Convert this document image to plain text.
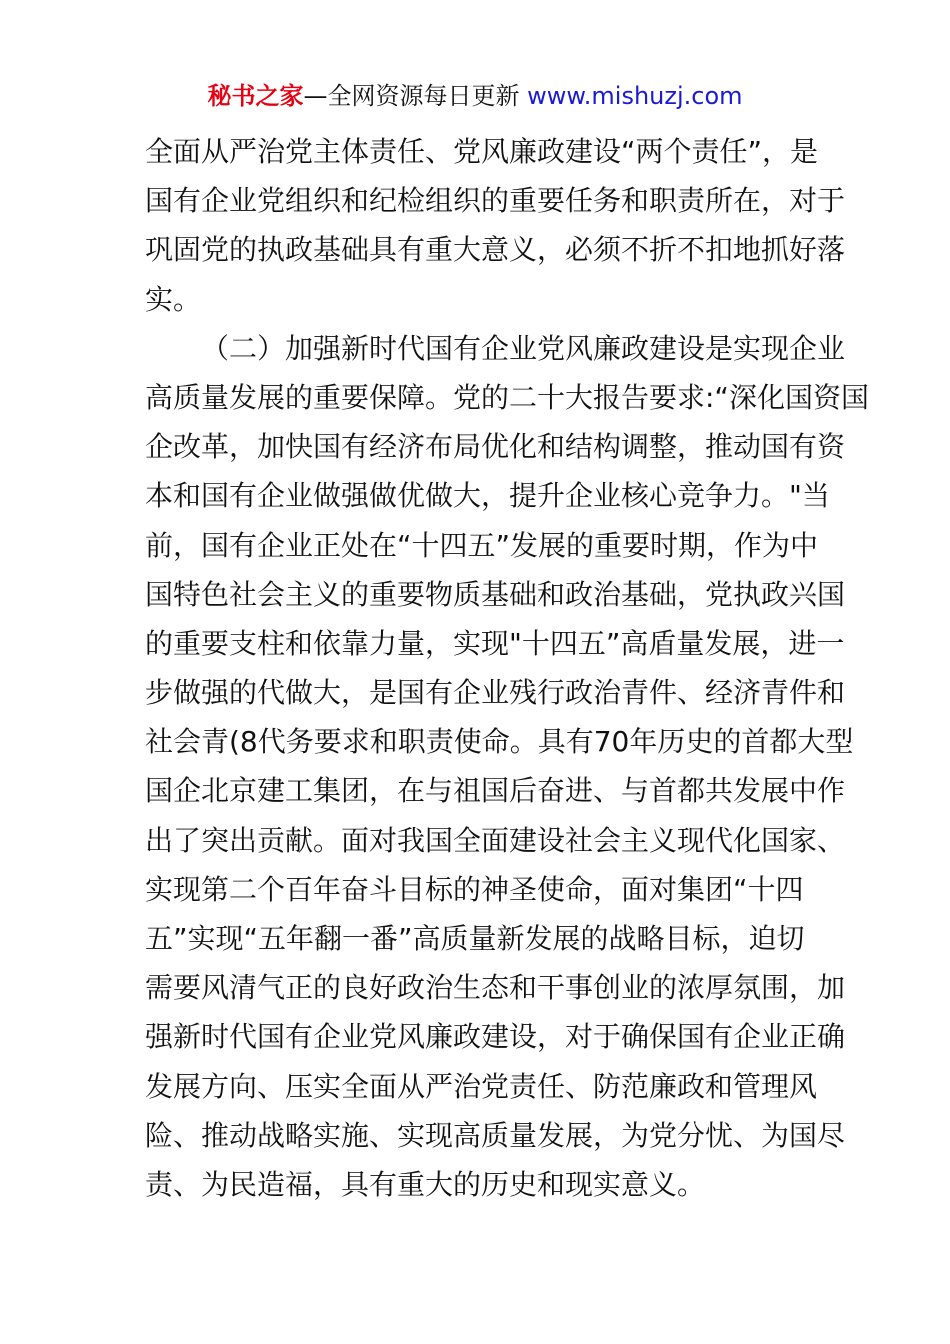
秘书之家—全网资源每日更新 www.mishuzj.com
全面从严治党主体责任、党风廉政建设“两个责任”，是
国有企业党组织和纪检组织的重要任务和职责所在，对于
巩固党的执政基础具有重大意义，必须不折不扣地抓好落
实。
（二）加强新时代国有企业党风廉政建设是实现企业
高质量发展的重要保障。党的二十大报告要求:“深化国资国
企改革，加快国有经济布局优化和结构调整，推动国有资
本和国有企业做强做优做大，提升企业核心竞争力。"当
前，国有企业正处在“十四五”发展的重要时期，作为中
国特色社会主义的重要物质基础和政治基础，党执政兴国
的重要支柱和依靠力量，实现"十四五”高盾量发展，进一
步做强的代做大，是国有企业残行政治青件、经济青件和
社会青(8代务要求和职责使命。具有70年历史的首都大型
国企北京建工集团，在与祖国后奋进、与首都共发展中作
出了突出贡献。面对我国全面建设社会主义现代化国家、
实现第二个百年奋斗目标的神圣使命，面对集团“十四
五”实现“五年翻一番”高质量新发展的战略目标，迫切
需要风清气正的良好政治生态和干事创业的浓厚氛围，加
强新时代国有企业党风廉政建设，对于确保国有企业正确
发展方向、压实全面从严治党责任、防范廉政和管理风
险、推动战略实施、实现高质量发展，为党分忧、为国尽
责、为民造福，具有重大的历史和现实意义。
